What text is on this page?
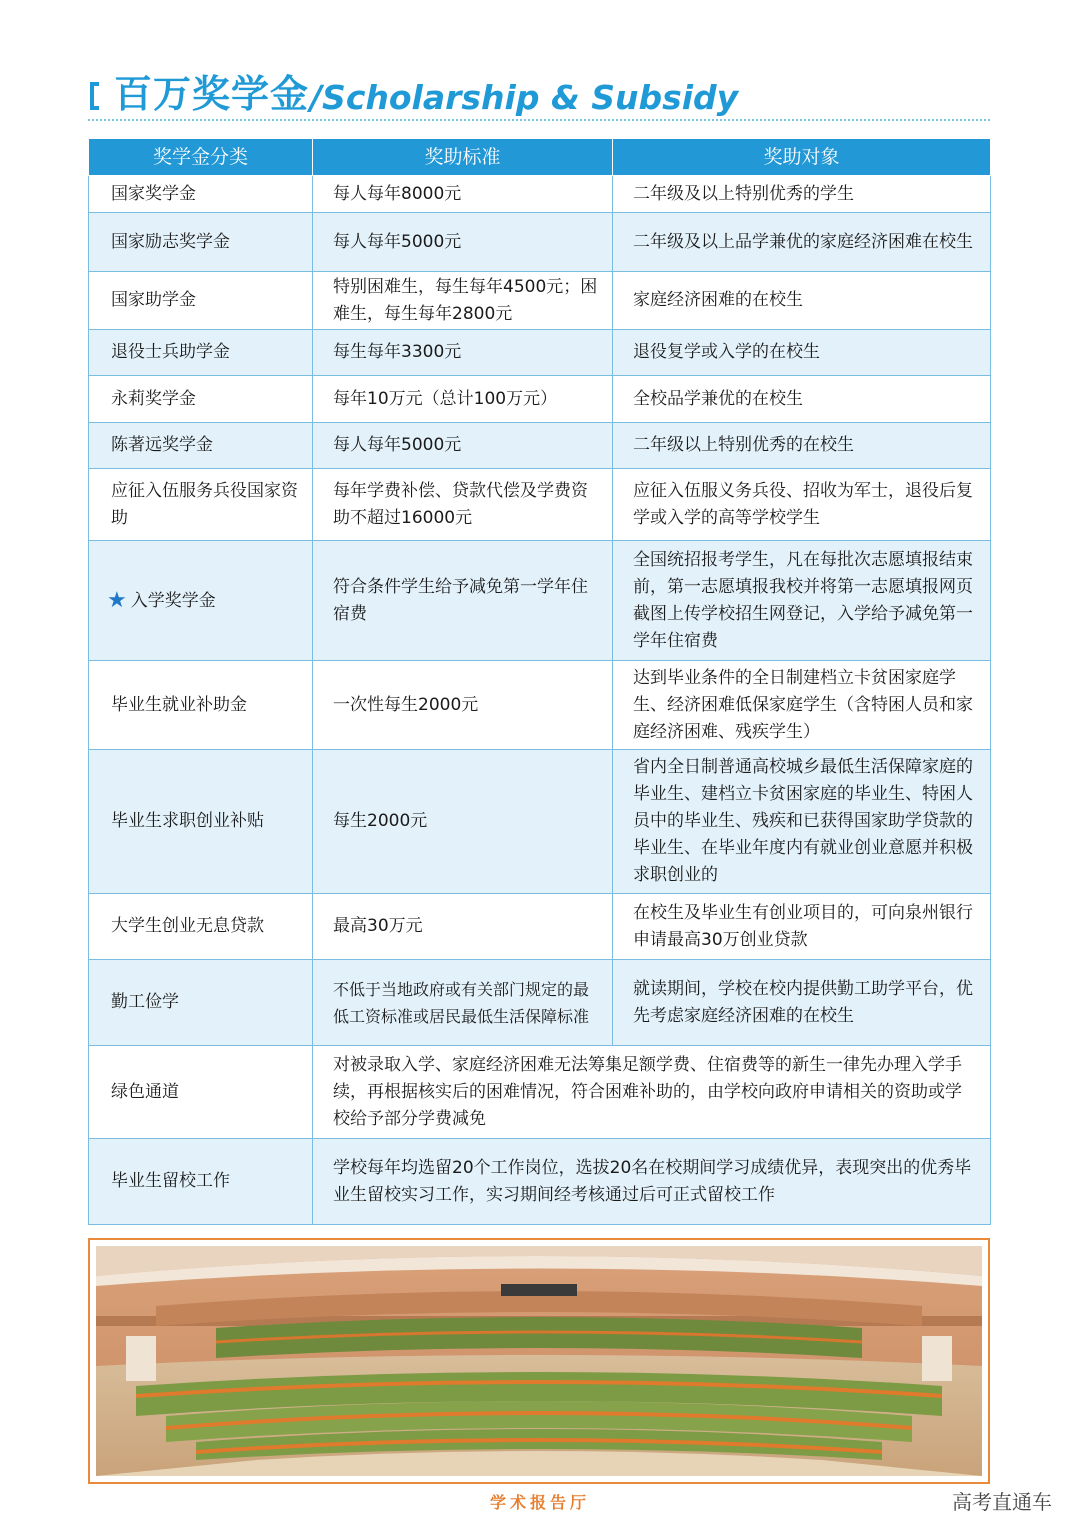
百万奖学金 /Scholarship & Subsidy
奖学金分类	奖助标准	奖助对象
国家奖学金	每人每年8000元	二年级及以上特别优秀的学生
国家励志奖学金	每人每年5000元	二年级及以上品学兼优的家庭经济困难在校生
国家助学金	特别困难生，每生每年4500元；困难生，每生每年2800元	家庭经济困难的在校生
退役士兵助学金	每生每年3300元	退役复学或入学的在校生
永莉奖学金	每年10万元（总计100万元）	全校品学兼优的在校生
陈著远奖学金	每人每年5000元	二年级以上特别优秀的在校生
应征入伍服务兵役国家资助	每年学费补偿、贷款代偿及学费资助不超过16000元	应征入伍服义务兵役、招收为军士，退役后复学或入学的高等学校学生
★ 入学奖学金	符合条件学生给予减免第一学年住宿费	全国统招报考学生，凡在每批次志愿填报结束前，第一志愿填报我校并将第一志愿填报网页截图上传学校招生网登记，入学给予减免第一学年住宿费
毕业生就业补助金	一次性每生2000元	达到毕业条件的全日制建档立卡贫困家庭学生、经济困难低保家庭学生（含特困人员和家庭经济困难、残疾学生）
毕业生求职创业补贴	每生2000元	省内全日制普通高校城乡最低生活保障家庭的毕业生、建档立卡贫困家庭的毕业生、特困人员中的毕业生、残疾和已获得国家助学贷款的毕业生、在毕业年度内有就业创业意愿并积极求职创业的
大学生创业无息贷款	最高30万元	在校生及毕业生有创业项目的，可向泉州银行申请最高30万创业贷款
勤工俭学	不低于当地政府或有关部门规定的最低工资标准或居民最低生活保障标准	就读期间，学校在校内提供勤工助学平台，优先考虑家庭经济困难的在校生
绿色通道	对被录取入学、家庭经济困难无法筹集足额学费、住宿费等的新生一律先办理入学手续，再根据核实后的困难情况，符合困难补助的，由学校向政府申请相关的资助或学校给予部分学费减免	
毕业生留校工作	学校每年均选留20个工作岗位，选拔20名在校期间学习成绩优异，表现突出的优秀毕业生留校实习工作，实习期间经考核通过后可正式留校工作	
学术报告厅	高考直通车
